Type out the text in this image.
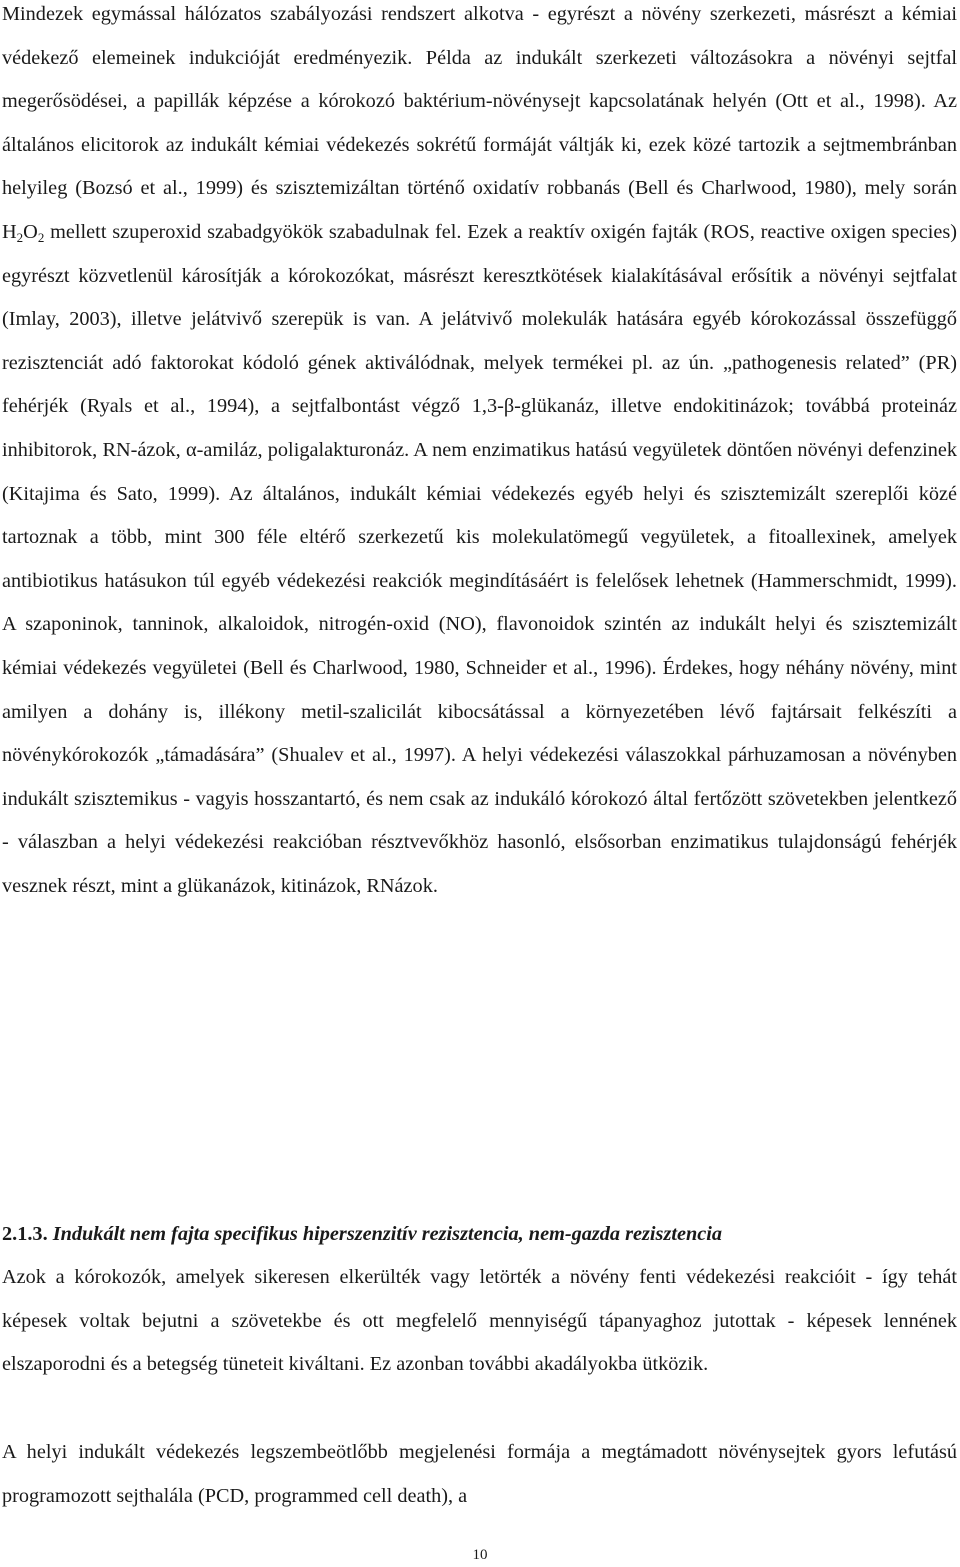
Mindezek egymással hálózatos szabályozási rendszert alkotva - egyrészt a növény szerkezeti, másrészt a kémiai védekező elemeinek indukcióját eredményezik. Példa az indukált szerkezeti változásokra a növényi sejtfal megerősödései, a papillák képzése a kórokozó baktérium-növénysejt kapcsolatának helyén (Ott et al., 1998). Az általános elicitorok az indukált kémiai védekezés sokrétű formáját váltják ki, ezek közé tartozik a sejtmembránban helyileg (Bozsó et al., 1999) és szisztemizáltan történő oxidatív robbanás (Bell és Charlwood, 1980), mely során $H_2O_2$ mellett szuperoxid szabadgyökök szabadulnak fel. Ezek a reaktív oxigén fajták (ROS, reactive oxigen species) egyrészt közvetlenül károsítják a kórokozókat, másrészt keresztkötések kialakításával erősítik a növényi sejtfalat (Imlay, 2003), illetve jelátvivő szerepük is van. A jelátvivő molekulák hatására egyéb kórokozással összefüggő rezisztenciát adó faktorokat kódoló gének aktiválódnak, melyek termékei pl. az ún. „pathogenesis related” (PR) fehérjék (Ryals et al., 1994), a sejtfalbontást végző 1,3-β-glükanáz, illetve endokitinázok; továbbá proteináz inhibitorok, RN-ázok, α-amiláz, poligalakturonáz. A nem enzimatikus hatású vegyületek döntően növényi defenzinek (Kitajima és Sato, 1999). Az általános, indukált kémiai védekezés egyéb helyi és szisztemizált szereplői közé tartoznak a több, mint 300 féle eltérő szerkezetű kis molekulatömegű vegyületek, a fitoallexinek, amelyek antibiotikus hatásukon túl egyéb védekezési reakciók megindításáért is felelősek lehetnek (Hammerschmidt, 1999). A szaponinok, tanninok, alkaloidok, nitrogén-oxid (NO), flavonoidok szintén az indukált helyi és szisztemizált kémiai védekezés vegyületei (Bell és Charlwood, 1980, Schneider et al., 1996). Érdekes, hogy néhány növény, mint amilyen a dohány is, illékony metil-szalicilát kibocsátással a környezetében lévő fajtársait felkészíti a növénykórokozók „támadására” (Shualev et al., 1997). A helyi védekezési válaszokkal párhuzamosan a növényben indukált szisztemikus - vagyis hosszantartó, és nem csak az indukáló kórokozó által fertőzött szövetekben jelentkező - válaszban a helyi védekezési reakcióban résztvevőkhöz hasonló, elsősorban enzimatikus tulajdonságú fehérjék vesznek részt, mint a glükanázok, kitinázok, RNázok.

2.1.3. Indukált nem fajta specifikus hiperszenzitív rezisztencia, nem-gazda rezisztencia

Azok a kórokozók, amelyek sikeresen elkerülték vagy letörték a növény fenti védekezési reakcióit - így tehát képesek voltak bejutni a szövetekbe és ott megfelelő mennyiségű tápanyaghoz jutottak - képesek lennének elszaporodni és a betegség tüneteit kiváltani. Ez azonban további akadályokba ütközik.

A helyi indukált védekezés legszembeötlőbb megjelenési formája a megtámadott növénysejtek gyors lefutású programozott sejthalála (PCD, programmed cell death), a

10
